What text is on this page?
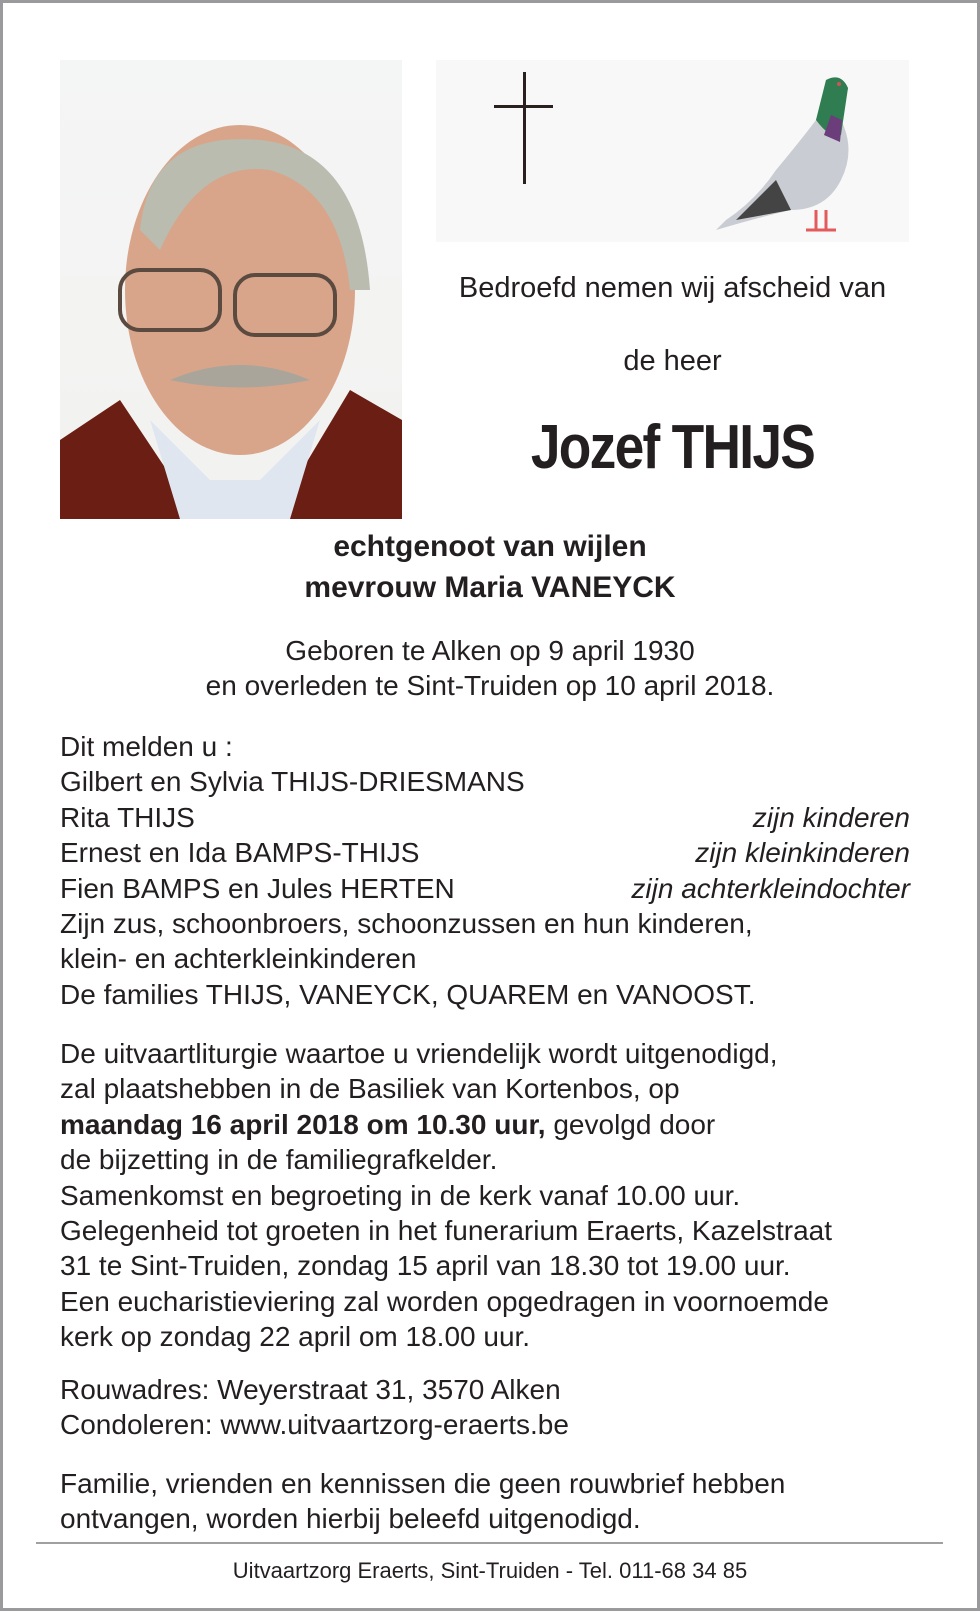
Bedroefd nemen wij afscheid van
de heer
Jozef THIJS
echtgenoot van wijlen
mevrouw Maria VANEYCK
Geboren te Alken op 9 april 1930
en overleden te Sint-Truiden op 10 april 2018.
Dit melden u :
Gilbert en Sylvia THIJS-DRIESMANS
Rita THIJS	zijn kinderen
Ernest en Ida BAMPS-THIJS	zijn kleinkinderen
Fien BAMPS en Jules HERTEN	zijn achterkleindochter
Zijn zus, schoonbroers, schoonzussen en hun kinderen,
klein- en achterkleinkinderen
De families THIJS, VANEYCK, QUAREM en VANOOST.
De uitvaartliturgie waartoe u vriendelijk wordt uitgenodigd,
zal plaatshebben in de Basiliek van Kortenbos, op
maandag 16 april 2018 om 10.30 uur, gevolgd door
de bijzetting in de familiegrafkelder.
Samenkomst en begroeting in de kerk vanaf 10.00 uur.
Gelegenheid tot groeten in het funerarium Eraerts, Kazelstraat
31 te Sint-Truiden, zondag 15 april van 18.30 tot 19.00 uur.
Een eucharistieviering zal worden opgedragen in voornoemde
kerk op zondag 22 april om 18.00 uur.
Rouwadres: Weyerstraat 31, 3570 Alken
Condoleren: www.uitvaartzorg-eraerts.be
Familie, vrienden en kennissen die geen rouwbrief hebben
ontvangen, worden hierbij beleefd uitgenodigd.
Uitvaartzorg Eraerts, Sint-Truiden - Tel. 011-68 34 85
